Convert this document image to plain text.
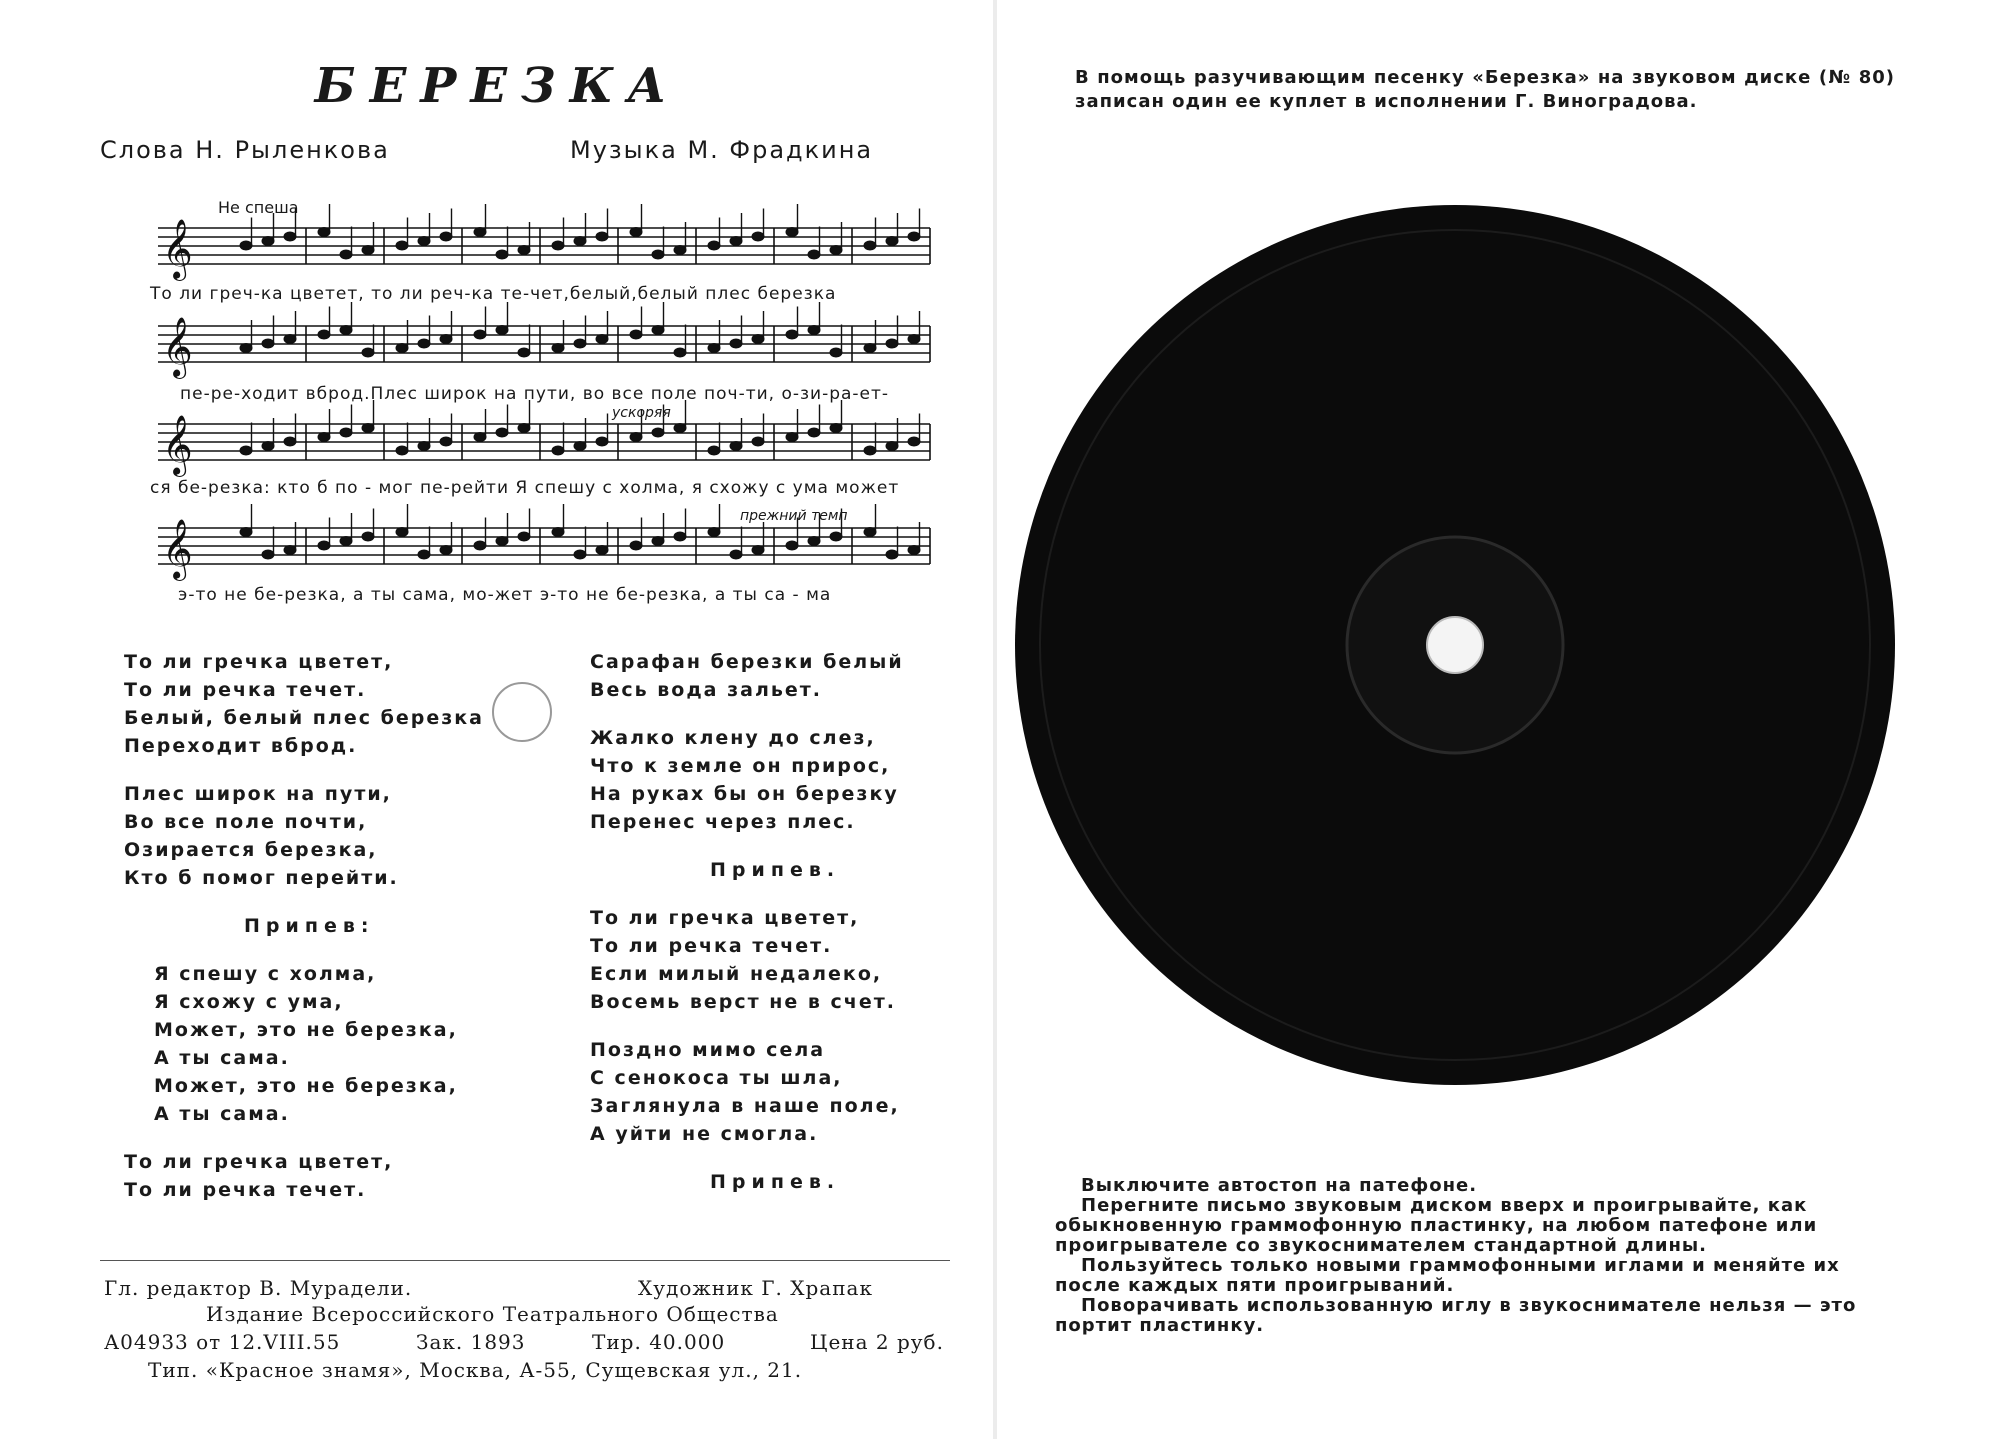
БЕРЕЗКА
Слова Н. Рыленкова	Музыка М. Фрадкина
Не спеша
𝄞
𝄞
𝄞
𝄞
ускоряя
прежний темп
То ли греч-ка цветет, то ли реч-ка те-чет,белый,белый плес березка
пе-ре-ходит вброд.Плес широк на пути, во все поле поч-ти, о-зи-ра-ет-
ся бе-резка: кто б по - мог пе-рейти Я спешу с холма, я схожу с ума может
э-то не бе-резка, а ты сама, мо-жет э-то не бе-резка, а ты са - ма
То ли гречка цветет,
То ли речка течет.
Белый, белый плес березка
Переходит вброд.
Плес широк на пути,
Во все поле почти,
Озирается березка,
Кто б помог перейти.
Припев:
Я спешу с холма,
Я схожу с ума,
Может, это не березка,
А ты сама.
Может, это не березка,
А ты сама.
То ли гречка цветет,
То ли речка течет.
Сарафан березки белый
Весь вода зальет.
Жалко клену до слез,
Что к земле он прирос,
На руках бы он березку
Перенес через плес.
Припев.
То ли гречка цветет,
То ли речка течет.
Если милый недалеко,
Восемь верст не в счет.
Поздно мимо села
С сенокоса ты шла,
Заглянула в наше поле,
А уйти не смогла.
Припев.
Гл. редактор В. Мурадели.	Художник Г. Храпак
Издание Всероссийского Театрального Общества
А04933 от 12.VIII.55	Зак. 1893	Тир. 40.000	Цена 2 руб.
Тип. «Красное знамя», Москва, А-55, Сущевская ул., 21.
В помощь разучивающим песенку «Березка» на звуковом диске (№ 80) записан один ее куплет в исполнении Г. Виноградова.

Выключите автостоп на патефоне.

Перегните письмо звуковым диском вверх и проигрывайте, как обыкновенную граммофонную пластинку, на любом патефоне или проигрывателе со звукоснимателем стандартной длины.

Пользуйтесь только новыми граммофонными иглами и меняйте их после каждых пяти проигрываний.

Поворачивать использованную иглу в звукоснимателе нельзя — это портит пластинку.
